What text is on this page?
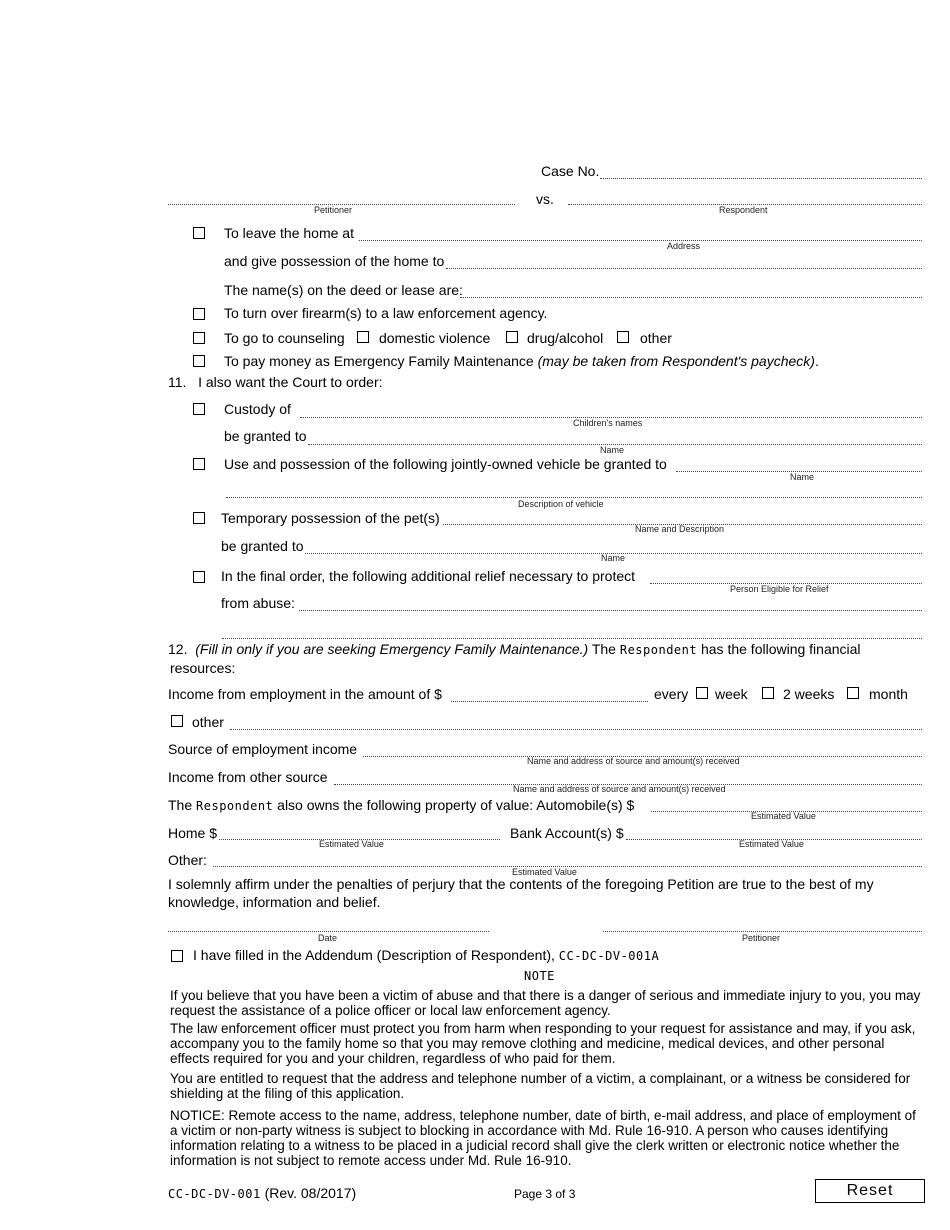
Case No.
Petitioner
vs.
Respondent
To leave the home at
Address
and give possession of the home to
The name(s) on the deed or lease are:
To turn over firearm(s) to a law enforcement agency.
To go to counseling domestic violence	drug/alcohol	other
To pay money as Emergency Family Maintenance (may be taken from Respondent's paycheck).
11.   I also want the Court to order:
Custody of
Children's names
be granted to
Name
Use and possession of the following jointly-owned vehicle be granted to
Name
Description of vehicle
Temporary possession of the pet(s)
Name and Description
be granted to
Name
In the final order, the following additional relief necessary to protect
Person Eligible for Relief
from abuse:
12. (Fill in only if you are seeking Emergency Family Maintenance.) The Respondent has the following financial
resources:
Income from employment in the amount of $	every week	2 weeks month
other
Source of employment income
Name and address of source and amount(s) received
Income from other source
Name and address of source and amount(s) received
The Respondent also owns the following property of value: Automobile(s) $
Estimated Value
Home $
Estimated Value
Bank Account(s) $
Estimated Value
Other:
Estimated Value
I solemnly affirm under the penalties of perjury that the contents of the foregoing Petition are true to the best of my
knowledge, information and belief.
Date	Petitioner
I have filled in the Addendum (Description of Respondent), CC-DC-DV-001A
NOTE
If you believe that you have been a victim of abuse and that there is a danger of serious and immediate injury to you, you may request the assistance of a police officer or local law enforcement agency.
The law enforcement officer must protect you from harm when responding to your request for assistance and may, if you ask, accompany you to the family home so that you may remove clothing and medicine, medical devices, and other personal effects required for you and your children, regardless of who paid for them.
You are entitled to request that the address and telephone number of a victim, a complainant, or a witness be considered for shielding at the filing of this application.
NOTICE: Remote access to the name, address, telephone number, date of birth, e-mail address, and place of employment of a victim or non-party witness is subject to blocking in accordance with Md. Rule 16-910. A person who causes identifying information relating to a witness to be placed in a judicial record shall give the clerk written or electronic notice whether the information is not subject to remote access under Md. Rule 16-910.
CC-DC-DV-001 (Rev. 08/2017)	Page 3 of 3	Reset
